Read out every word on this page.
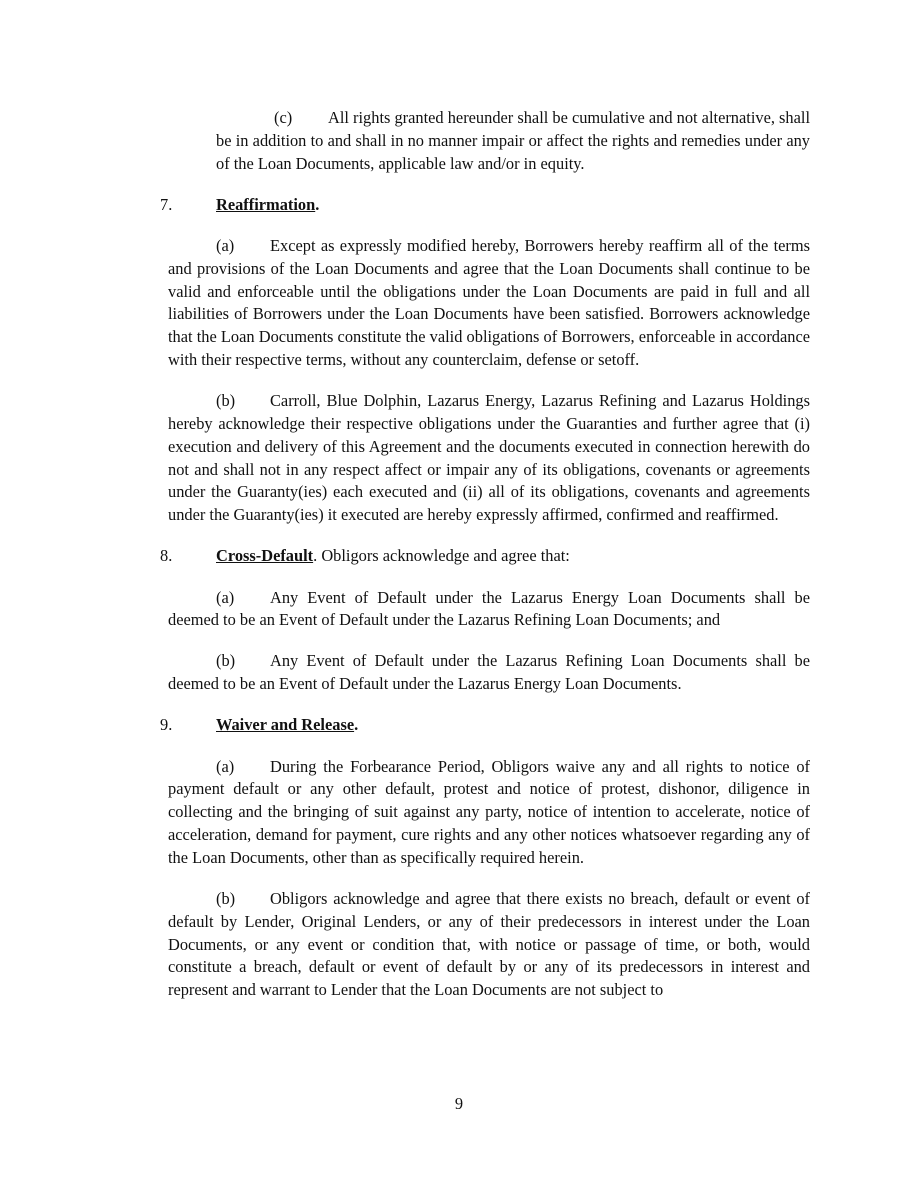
(c) All rights granted hereunder shall be cumulative and not alternative, shall be in addition to and shall in no manner impair or affect the rights and remedies under any of the Loan Documents, applicable law and/or in equity.

7.	Reaffirmation.

(a) Except as expressly modified hereby, Borrowers hereby reaffirm all of the terms and provisions of the Loan Documents and agree that the Loan Documents shall continue to be valid and enforceable until the obligations under the Loan Documents are paid in full and all liabilities of Borrowers under the Loan Documents have been satisfied. Borrowers acknowledge that the Loan Documents constitute the valid obligations of Borrowers, enforceable in accordance with their respective terms, without any counterclaim, defense or setoff.

(b) Carroll, Blue Dolphin, Lazarus Energy, Lazarus Refining and Lazarus Holdings hereby acknowledge their respective obligations under the Guaranties and further agree that (i) execution and delivery of this Agreement and the documents executed in connection herewith do not and shall not in any respect affect or impair any of its obligations, covenants or agreements under the Guaranty(ies) each executed and (ii) all of its obligations, covenants and agreements under the Guaranty(ies) it executed are hereby expressly affirmed, confirmed and reaffirmed.

8.	Cross-Default. Obligors acknowledge and agree that:

(a) Any Event of Default under the Lazarus Energy Loan Documents shall be deemed to be an Event of Default under the Lazarus Refining Loan Documents; and

(b) Any Event of Default under the Lazarus Refining Loan Documents shall be deemed to be an Event of Default under the Lazarus Energy Loan Documents.

9.	Waiver and Release.

(a) During the Forbearance Period, Obligors waive any and all rights to notice of payment default or any other default, protest and notice of protest, dishonor, diligence in collecting and the bringing of suit against any party, notice of intention to accelerate, notice of acceleration, demand for payment, cure rights and any other notices whatsoever regarding any of the Loan Documents, other than as specifically required herein.

(b) Obligors acknowledge and agree that there exists no breach, default or event of default by Lender, Original Lenders, or any of their predecessors in interest under the Loan Documents, or any event or condition that, with notice or passage of time, or both, would constitute a breach, default or event of default by or any of its predecessors in interest and represent and warrant to Lender that the Loan Documents are not subject to

9
